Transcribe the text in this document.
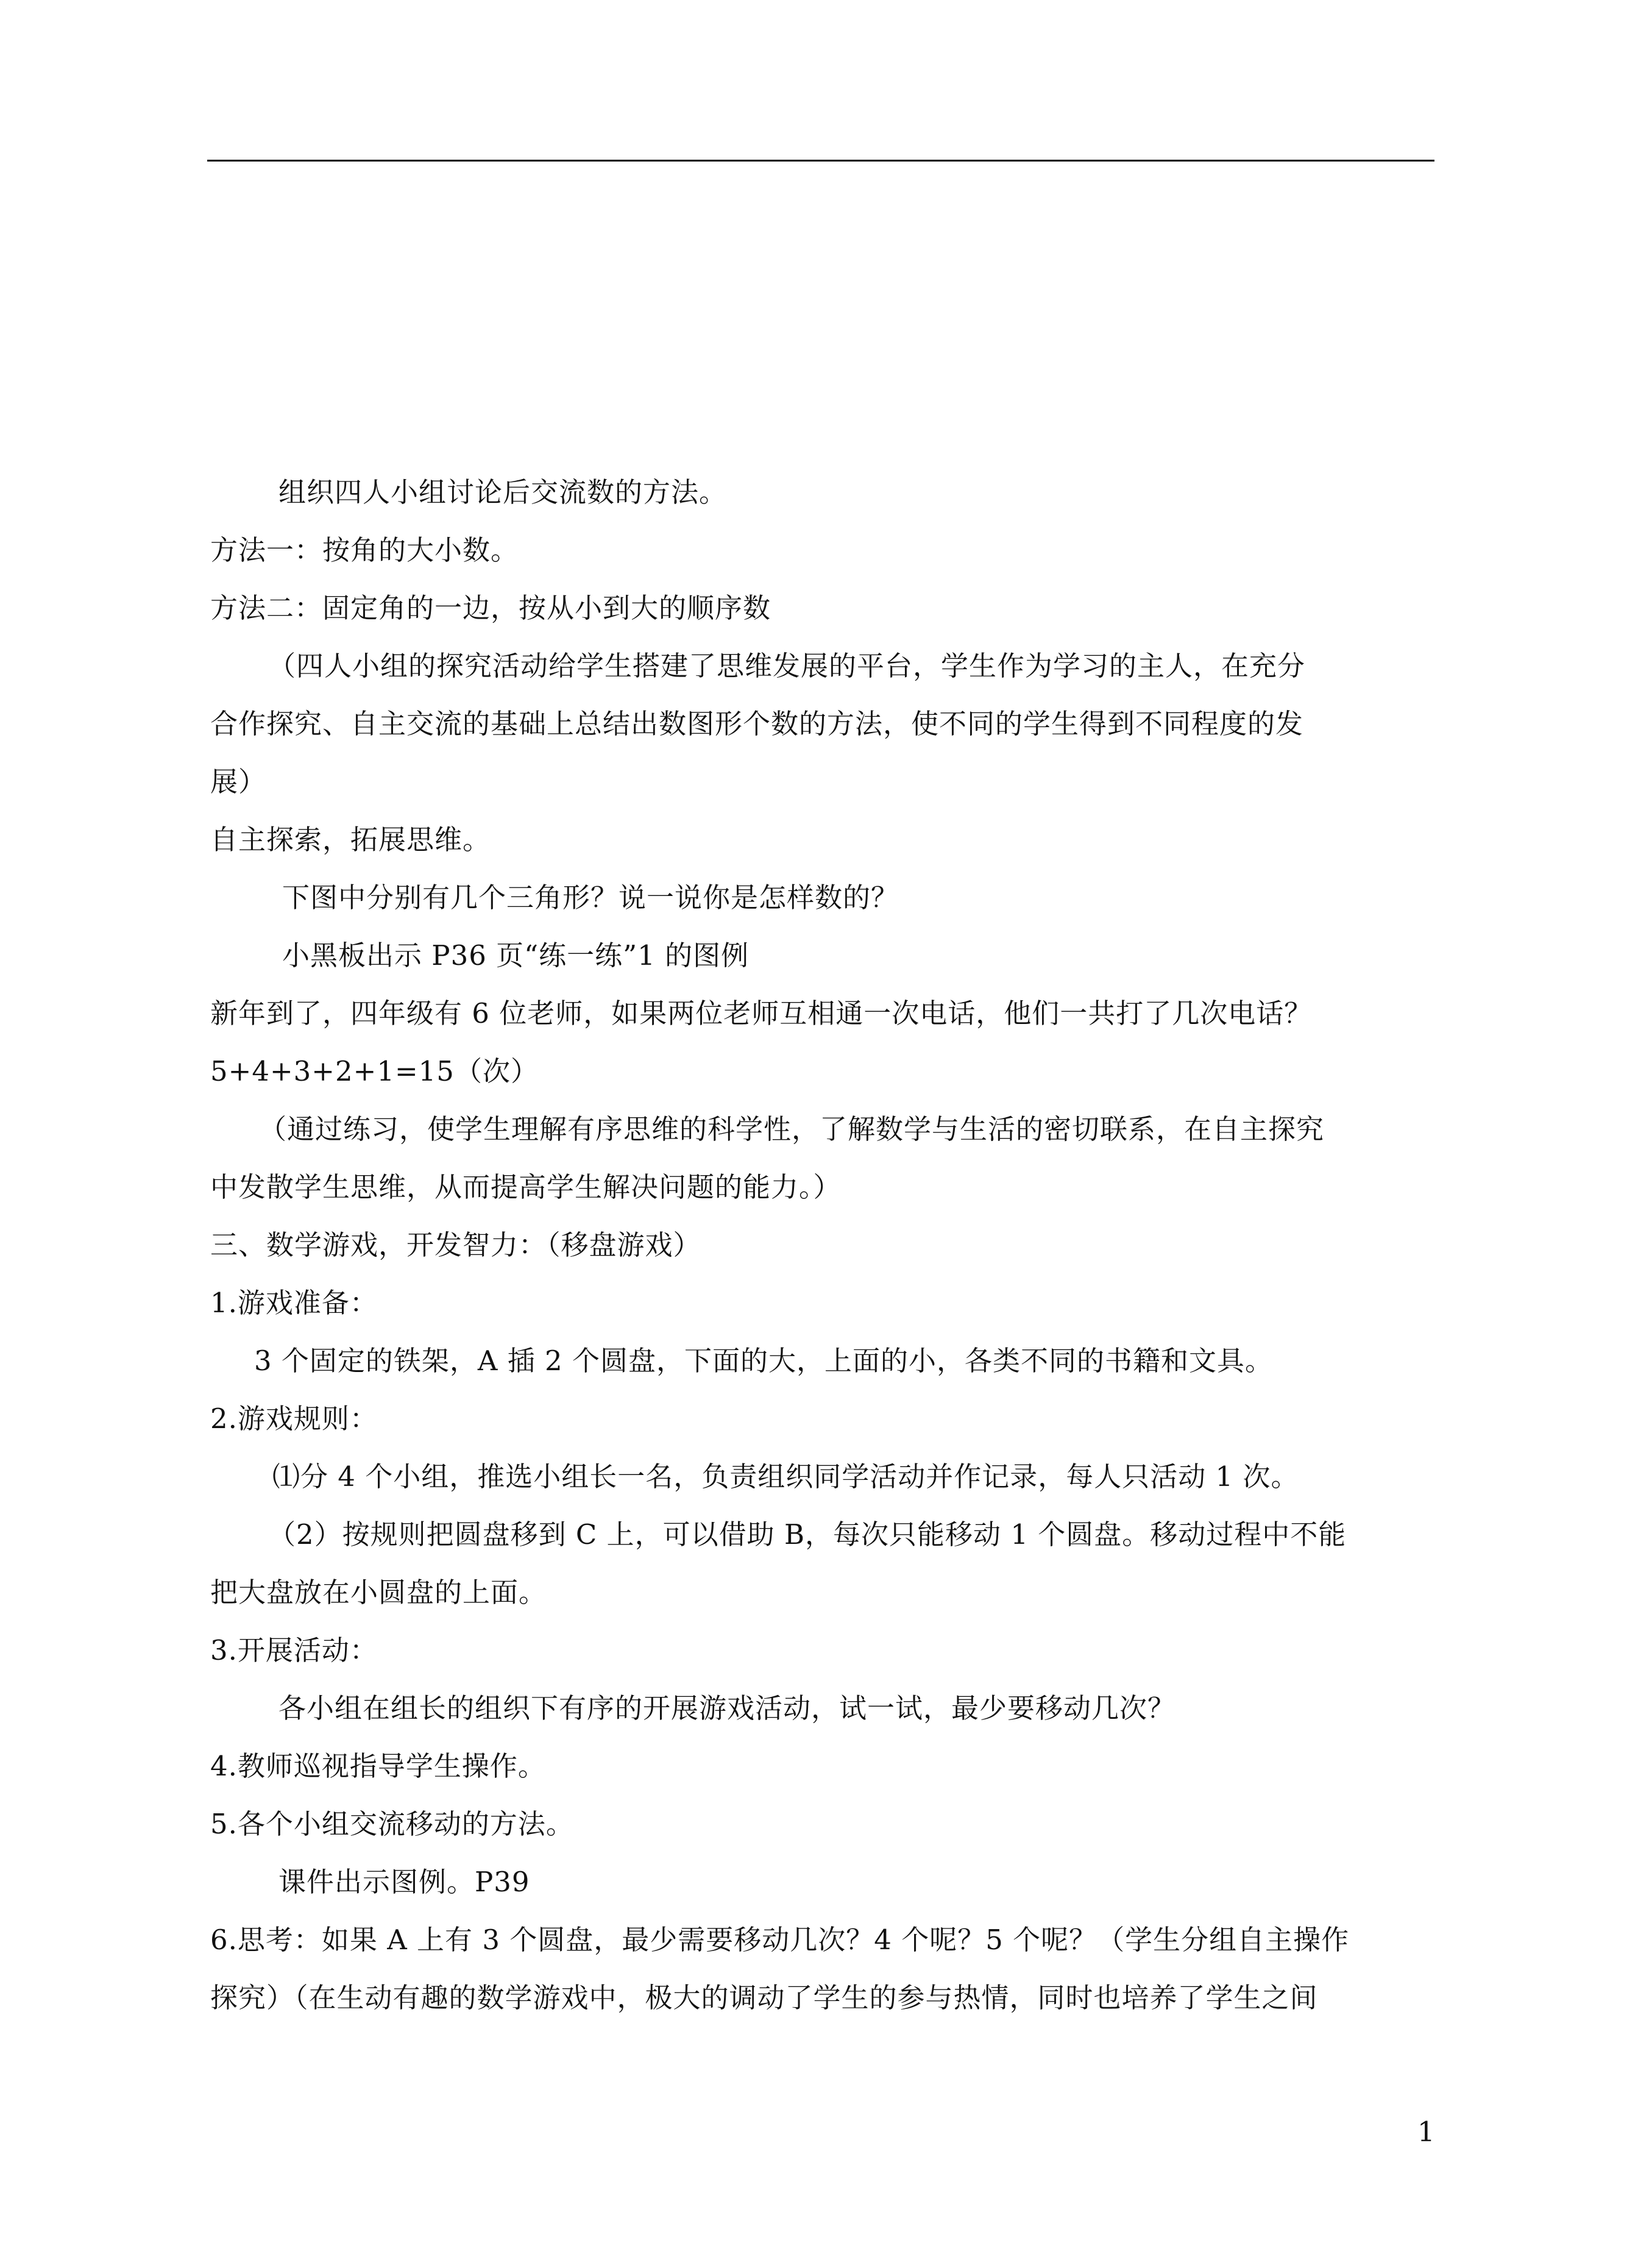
组织四人小组讨论后交流数的方法。
方法一：按角的大小数。
方法二：固定角的一边，按从小到大的顺序数
（四人小组的探究活动给学生搭建了思维发展的平台，学生作为学习的主人，在充分
合作探究、自主交流的基础上总结出数图形个数的方法，使不同的学生得到不同程度的发
展）
自主探索，拓展思维。
下图中分别有几个三角形？说一说你是怎样数的？
小黑板出示 P36 页“练一练”1 的图例
新年到了，四年级有 6 位老师，如果两位老师互相通一次电话，他们一共打了几次电话？
5+4+3+2+1=15（次）
（通过练习，使学生理解有序思维的科学性，了解数学与生活的密切联系，在自主探究
中发散学生思维，从而提高学生解决问题的能力。）
三、数学游戏，开发智力：（移盘游戏）
1.游戏准备：
3 个固定的铁架，A 插 2 个圆盘，下面的大，上面的小，各类不同的书籍和文具。
2.游戏规则：
⑴分 4 个小组，推选小组长一名，负责组织同学活动并作记录，每人只活动 1 次。
（2）按规则把圆盘移到 C 上，可以借助 B，每次只能移动 1 个圆盘。移动过程中不能
把大盘放在小圆盘的上面。
3.开展活动：
各小组在组长的组织下有序的开展游戏活动，试一试，最少要移动几次？
4.教师巡视指导学生操作。
5.各个小组交流移动的方法。
课件出示图例。P39
6.思考：如果 A 上有 3 个圆盘，最少需要移动几次？4 个呢？5 个呢？（学生分组自主操作
探究）（在生动有趣的数学游戏中，极大的调动了学生的参与热情，同时也培养了学生之间
1
